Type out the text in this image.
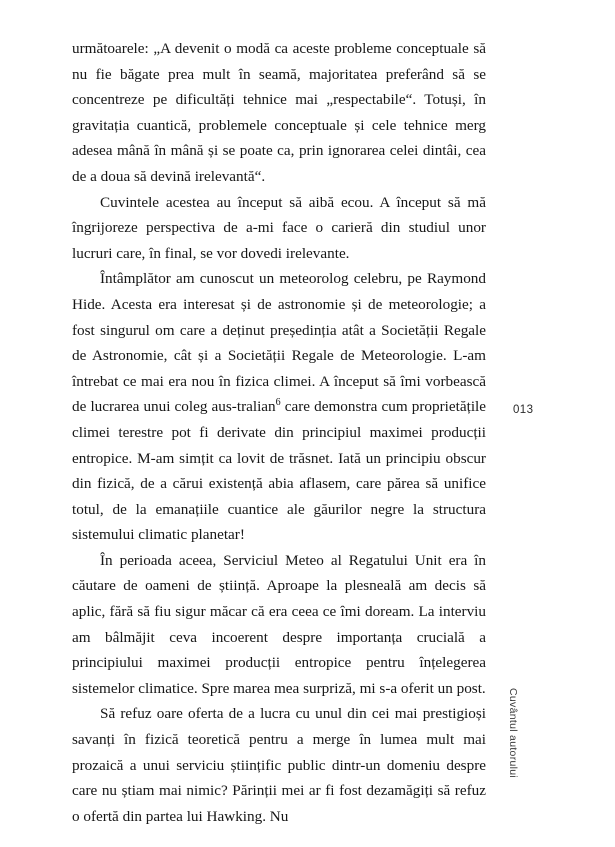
următoarele: „A devenit o modă ca aceste probleme conceptuale să nu fie băgate prea mult în seamă, majoritatea preferând să se concentreze pe dificultăți tehnice mai „respectabile“. Totuși, în gravitația cuantică, problemele conceptuale și cele tehnice merg adesea mână în mână și se poate ca, prin ignorarea celei dintâi, cea de a doua să devină irelevantă“.

Cuvintele acestea au început să aibă ecou. A început să mă îngrijoreze perspectiva de a-mi face o carieră din studiul unor lucruri care, în final, se vor dovedi irelevante.

Întâmplător am cunoscut un meteorolog celebru, pe Raymond Hide. Acesta era interesat și de astronomie și de meteorologie; a fost singurul om care a deținut președinția atât a Societății Regale de Astronomie, cât și a Societății Regale de Meteorologie. L-am întrebat ce mai era nou în fizica climei. A început să îmi vorbească de lucrarea unui coleg aus-tralian$^6$ care demonstra cum proprietățile climei terestre pot fi derivate din principiul maximei producții entropice. M-am simțit ca lovit de trăsnet. Iată un principiu obscur din fizică, de a cărui existență abia aflasem, care părea să unifice totul, de la emanațiile cuantice ale găurilor negre la structura sistemului climatic planetar!

În perioada aceea, Serviciul Meteo al Regatului Unit era în căutare de oameni de știință. Aproape la plesneală am decis să aplic, fără să fiu sigur măcar că era ceea ce îmi doream. La interviu am bâlmăjit ceva incoerent despre importanța crucială a principiului maximei producții entropice pentru înțelegerea sistemelor climatice. Spre marea mea surpriză, mi s-a oferit un post.

Să refuz oare oferta de a lucra cu unul din cei mai prestigioși savanți în fizică teoretică pentru a merge în lumea mult mai prozaică a unui serviciu științific public dintr-un domeniu despre care nu știam mai nimic? Părinții mei ar fi fost dezamăgiți să refuz o ofertă din partea lui Hawking. Nu

013
Cuvântul autorului
